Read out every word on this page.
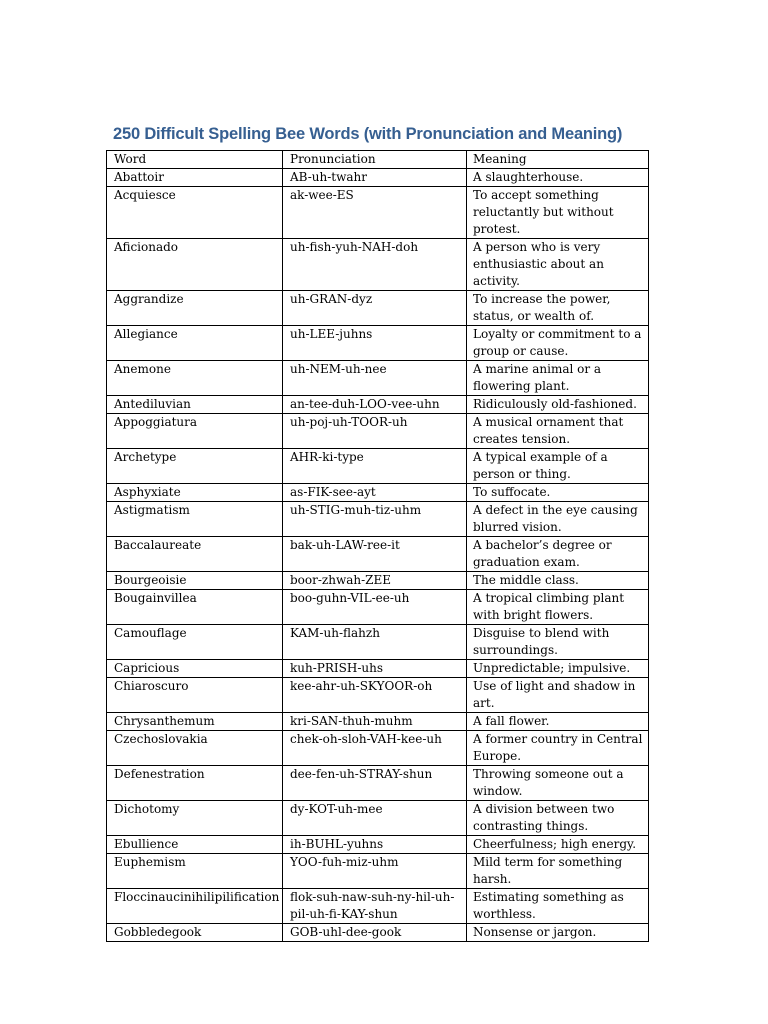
250 Difficult Spelling Bee Words (with Pronunciation and Meaning)
Word	Pronunciation	Meaning
Abattoir	AB-uh-twahr	A slaughterhouse.
Acquiesce	ak-wee-ES	To accept something reluctantly but without protest.
Aficionado	uh-fish-yuh-NAH-doh	A person who is very enthusiastic about an activity.
Aggrandize	uh-GRAN-dyz	To increase the power, status, or wealth of.
Allegiance	uh-LEE-juhns	Loyalty or commitment to a group or cause.
Anemone	uh-NEM-uh-nee	A marine animal or a flowering plant.
Antediluvian	an-tee-duh-LOO-vee-uhn	Ridiculously old-fashioned.
Appoggiatura	uh-poj-uh-TOOR-uh	A musical ornament that creates tension.
Archetype	AHR-ki-type	A typical example of a person or thing.
Asphyxiate	as-FIK-see-ayt	To suffocate.
Astigmatism	uh-STIG-muh-tiz-uhm	A defect in the eye causing blurred vision.
Baccalaureate	bak-uh-LAW-ree-it	A bachelor’s degree or graduation exam.
Bourgeoisie	boor-zhwah-ZEE	The middle class.
Bougainvillea	boo-guhn-VIL-ee-uh	A tropical climbing plant with bright flowers.
Camouflage	KAM-uh-flahzh	Disguise to blend with surroundings.
Capricious	kuh-PRISH-uhs	Unpredictable; impulsive.
Chiaroscuro	kee-ahr-uh-SKYOOR-oh	Use of light and shadow in art.
Chrysanthemum	kri-SAN-thuh-muhm	A fall flower.
Czechoslovakia	chek-oh-sloh-VAH-kee-uh	A former country in Central Europe.
Defenestration	dee-fen-uh-STRAY-shun	Throwing someone out a window.
Dichotomy	dy-KOT-uh-mee	A division between two contrasting things.
Ebullience	ih-BUHL-yuhns	Cheerfulness; high energy.
Euphemism	YOO-fuh-miz-uhm	Mild term for something harsh.
Floccinaucinihilipilification	flok-suh-naw-suh-ny-hil-uh-pil-uh-fi-KAY-shun	Estimating something as worthless.
Gobbledegook	GOB-uhl-dee-gook	Nonsense or jargon.
